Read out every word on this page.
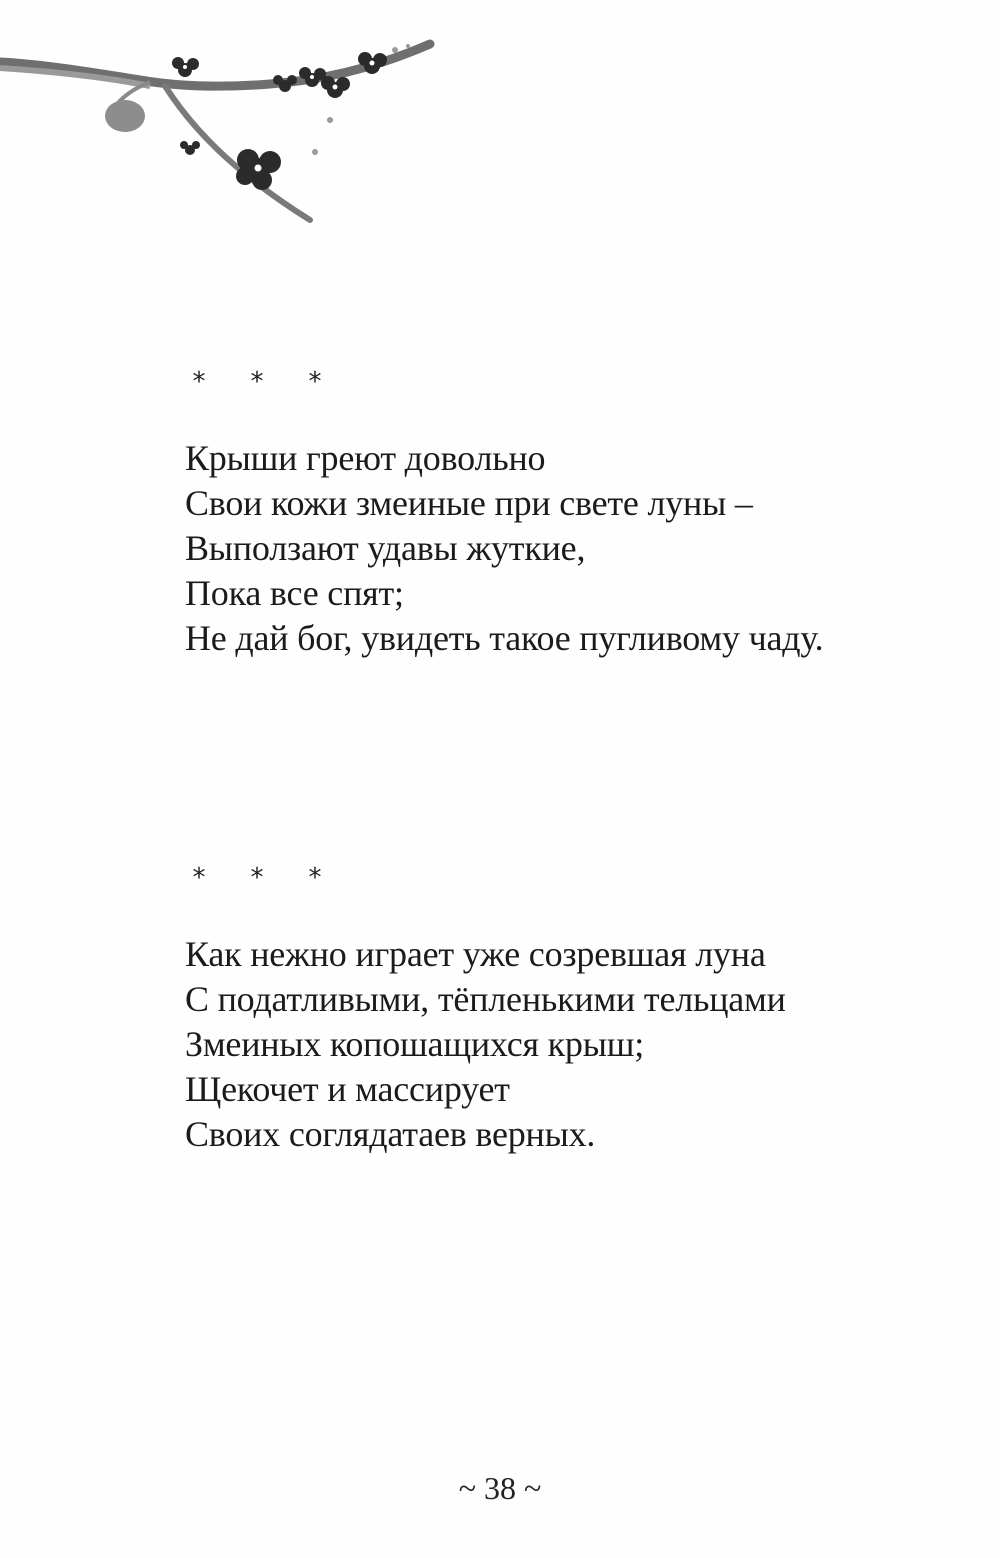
* * *
Крыши греют довольно
Свои кожи змеиные при свете луны –
Выползают удавы жуткие,
Пока все спят;
Не дай бог, увидеть такое пугливому чаду.
* * *
Как нежно играет уже созревшая луна
С податливыми, тёпленькими тельцами
Змеиных копошащихся крыш;
Щекочет и массирует
Своих соглядатаев верных.
~ 38 ~
